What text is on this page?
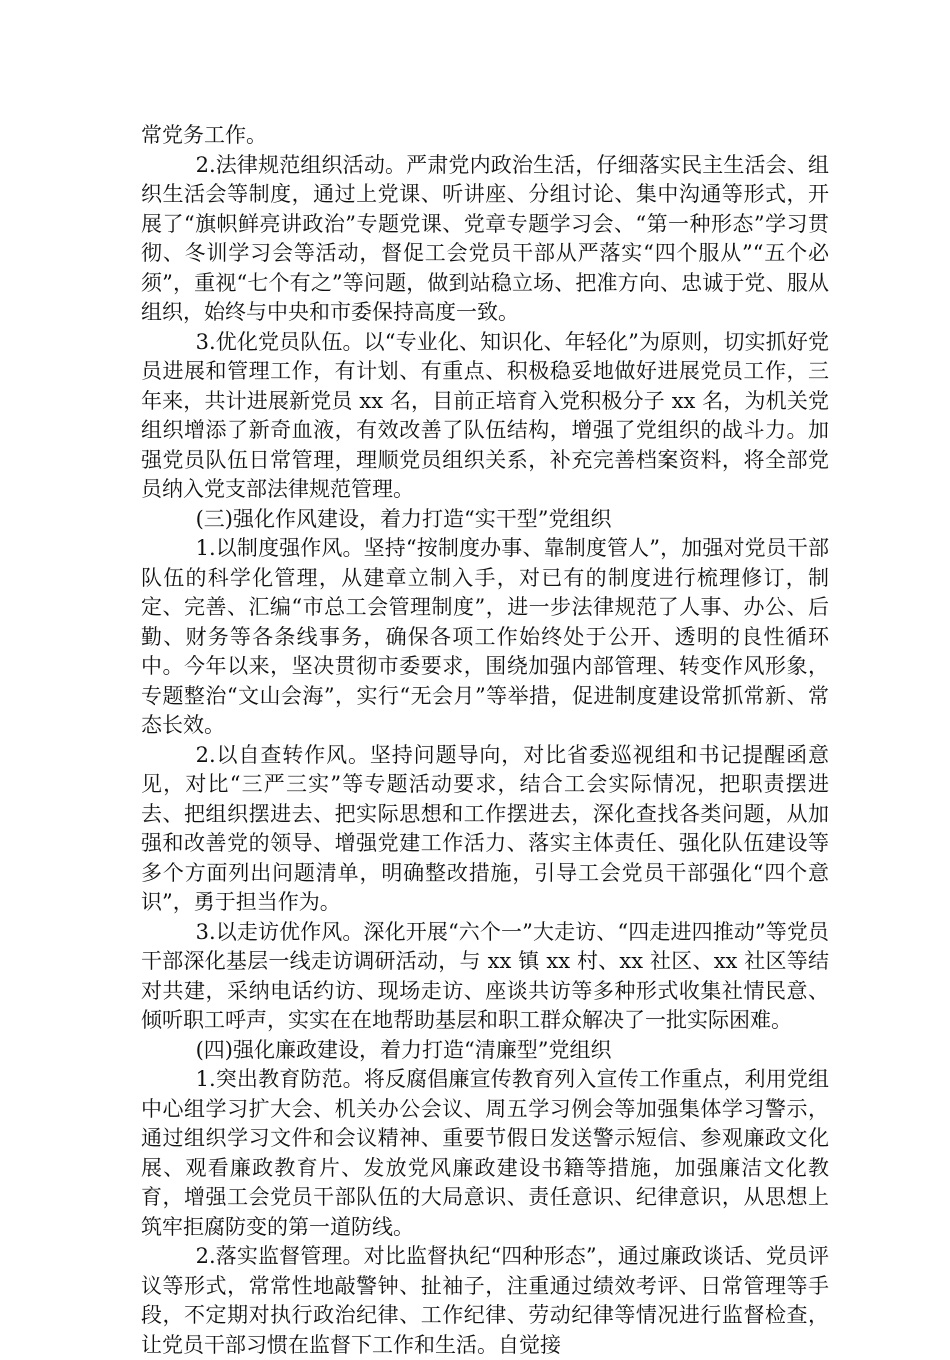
常党务工作。

2.法律规范组织活动。严肃党内政治生活，仔细落实民主生活会、组织生活会等制度，通过上党课、听讲座、分组讨论、集中沟通等形式，开展了“旗帜鲜亮讲政治”专题党课、党章专题学习会、“第一种形态”学习贯彻、冬训学习会等活动，督促工会党员干部从严落实“四个服从”“五个必须”，重视“七个有之”等问题，做到站稳立场、把准方向、忠诚于党、服从组织，始终与中央和市委保持高度一致。

3.优化党员队伍。以“专业化、知识化、年轻化”为原则，切实抓好党员进展和管理工作，有计划、有重点、积极稳妥地做好进展党员工作，三年来，共计进展新党员 xx 名，目前正培育入党积极分子 xx 名，为机关党组织增添了新奇血液，有效改善了队伍结构，增强了党组织的战斗力。加强党员队伍日常管理，理顺党员组织关系，补充完善档案资料，将全部党员纳入党支部法律规范管理。

(三)强化作风建设，着力打造“实干型”党组织

1.以制度强作风。坚持“按制度办事、靠制度管人”，加强对党员干部队伍的科学化管理，从建章立制入手，对已有的制度进行梳理修订，制定、完善、汇编“市总工会管理制度”，进一步法律规范了人事、办公、后勤、财务等各条线事务，确保各项工作始终处于公开、透明的良性循环中。今年以来，坚决贯彻市委要求，围绕加强内部管理、转变作风形象，专题整治“文山会海”，实行“无会月”等举措，促进制度建设常抓常新、常态长效。

2.以自查转作风。坚持问题导向，对比省委巡视组和书记提醒函意见，对比“三严三实”等专题活动要求，结合工会实际情况，把职责摆进去、把组织摆进去、把实际思想和工作摆进去，深化查找各类问题，从加强和改善党的领导、增强党建工作活力、落实主体责任、强化队伍建设等多个方面列出问题清单，明确整改措施，引导工会党员干部强化“四个意识”，勇于担当作为。

3.以走访优作风。深化开展“六个一”大走访、“四走进四推动”等党员干部深化基层一线走访调研活动，与 xx 镇 xx 村、xx 社区、xx 社区等结对共建，采纳电话约访、现场走访、座谈共访等多种形式收集社情民意、倾听职工呼声，实实在在地帮助基层和职工群众解决了一批实际困难。

(四)强化廉政建设，着力打造“清廉型”党组织

1.突出教育防范。将反腐倡廉宣传教育列入宣传工作重点，利用党组中心组学习扩大会、机关办公会议、周五学习例会等加强集体学习警示，通过组织学习文件和会议精神、重要节假日发送警示短信、参观廉政文化展、观看廉政教育片、发放党风廉政建设书籍等措施，加强廉洁文化教育，增强工会党员干部队伍的大局意识、责任意识、纪律意识，从思想上筑牢拒腐防变的第一道防线。

2.落实监督管理。对比监督执纪“四种形态”，通过廉政谈话、党员评议等形式，常常性地敲警钟、扯袖子，注重通过绩效考评、日常管理等手段，不定期对执行政治纪律、工作纪律、劳动纪律等情况进行监督检查，让党员干部习惯在监督下工作和生活。自觉接
